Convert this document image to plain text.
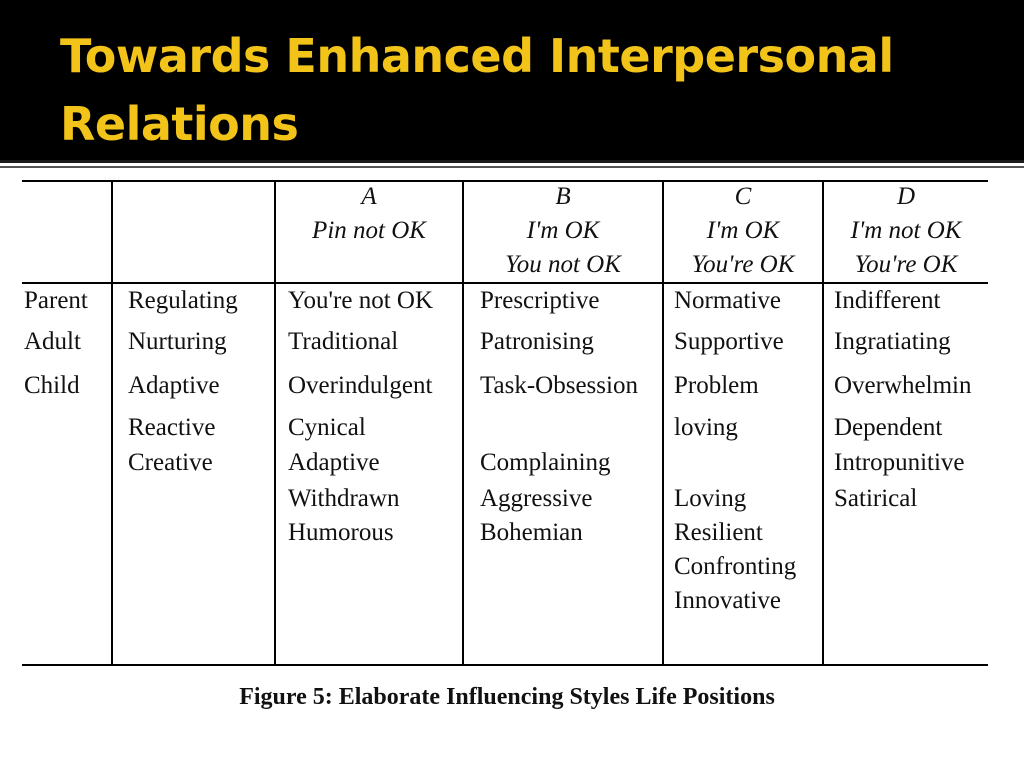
Towards Enhanced Interpersonal
Relations
A
Pin not OK
B
I'm OK
You not OK
C
I'm OK
You're OK
D
I'm not OK
You're OK
Parent
Adult
Child
Regulating
Nurturing
Adaptive
Reactive
Creative
You're not OK
Traditional
Overindulgent
Cynical
Adaptive
Withdrawn
Humorous
Prescriptive
Patronising
Task-Obsession
Complaining
Aggressive
Bohemian
Normative
Supportive
Problem
loving
Loving
Resilient
Confronting
Innovative
Indifferent
Ingratiating
Overwhelmin
Dependent
Intropunitive
Satirical
Figure 5: Elaborate Influencing Styles Life Positions
